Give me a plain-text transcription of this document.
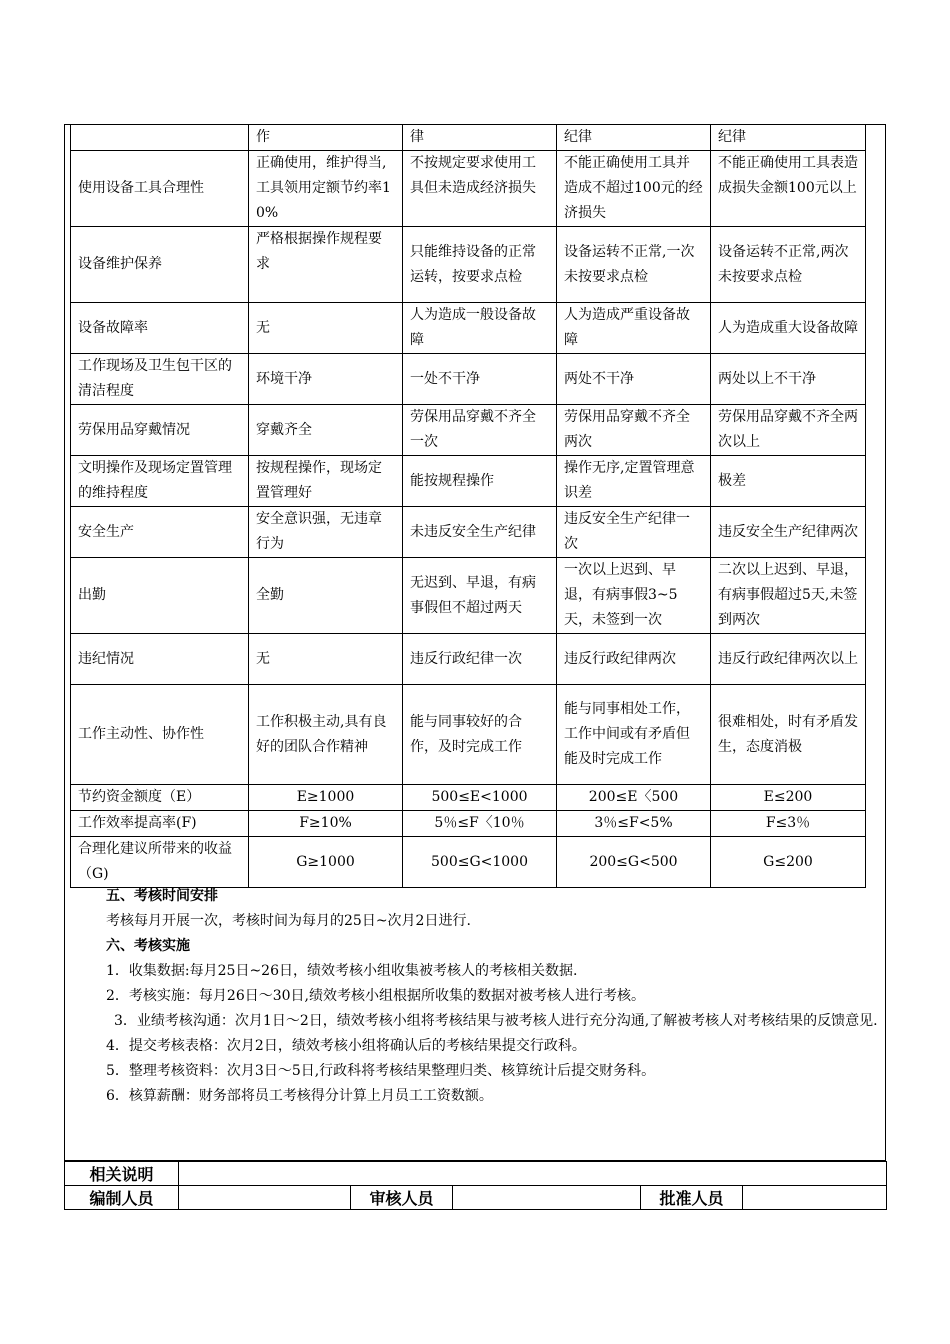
	作	律	纪律	纪律
使用设备工具合理性	正确使用，维护得当,工具领用定额节约率10%	不按规定要求使用工具但未造成经济损失	不能正确使用工具并造成不超过100元的经济损失	不能正确使用工具表造成损失金额100元以上
设备维护保养	严格根据操作规程要求	只能维持设备的正常运转，按要求点检	设备运转不正常,一次未按要求点检	设备运转不正常,两次未按要求点检
设备故障率	无	人为造成一般设备故障	人为造成严重设备故障	人为造成重大设备故障
工作现场及卫生包干区的清洁程度	环境干净	一处不干净	两处不干净	两处以上不干净
劳保用品穿戴情况	穿戴齐全	劳保用品穿戴不齐全一次	劳保用品穿戴不齐全两次	劳保用品穿戴不齐全两次以上
文明操作及现场定置管理的维持程度	按规程操作，现场定置管理好	能按规程操作	操作无序,定置管理意识差	极差
安全生产	安全意识强，无违章行为	未违反安全生产纪律	违反安全生产纪律一次	违反安全生产纪律两次
出勤	全勤	无迟到、早退，有病事假但不超过两天	一次以上迟到、早退，有病事假3~5天，未签到一次	二次以上迟到、早退，有病事假超过5天,未签到两次
违纪情况	无	违反行政纪律一次	违反行政纪律两次	违反行政纪律两次以上
工作主动性、协作性	工作积极主动,具有良好的团队合作精神	能与同事较好的合作，及时完成工作	能与同事相处工作，工作中间或有矛盾但能及时完成工作	很难相处，时有矛盾发生，态度消极
节约资金额度（E）	E≥1000	500≤E<1000	200≤E〈500	E≤200
工作效率提高率(F)	F≥10%	5％≤F〈10％	3％≤F<5%	F≤3％
合理化建议所带来的收益（G)	G≥1000	500≤G<1000	200≤G<500	G≤200
五、考核时间安排
考核每月开展一次，考核时间为每月的25日~次月2日进行.
六、考核实施
1．收集数据:每月25日~26日，绩效考核小组收集被考核人的考核相关数据.
2．考核实施：每月26日～30日,绩效考核小组根据所收集的数据对被考核人进行考核。
3．业绩考核沟通：次月1日～2日，绩效考核小组将考核结果与被考核人进行充分沟通,了解被考核人对考核结果的反馈意见.
4．提交考核表格：次月2日，绩效考核小组将确认后的考核结果提交行政科。
5．整理考核资料：次月3日～5日,行政科将考核结果整理归类、核算统计后提交财务科。
6．核算薪酬：财务部将员工考核得分计算上月员工工资数额。
相关说明					
编制人员		审核人员		批准人员	
